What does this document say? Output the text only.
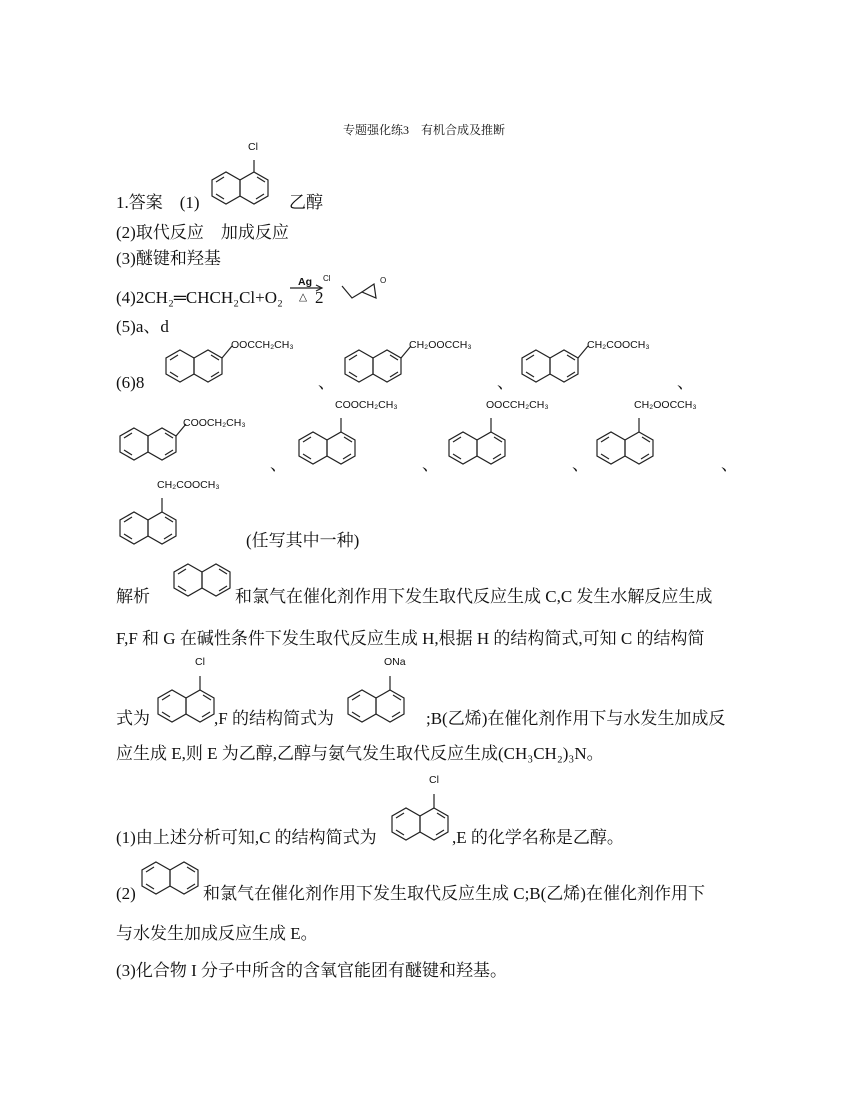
专题强化练3　有机合成及推断
1.答案　(1)
Cl
乙醇
(2)取代反应　加成反应
(3)醚键和羟基
(4)2CH₂═CHCH₂Cl+O₂
Ag
△ 2
Cl	O
(5)a、d
(6)8
OOCCH₂CH₃
、
CH₂OOCCH₃
、
CH₂COOCH₃
、
COOCH₂CH₃
、
COOCH₂CH₃
、
OOCCH₂CH₃
、
CH₂OOCCH₃
、
CH₂COOCH₃
(任写其中一种)
解析	和氯气在催化剂作用下发生取代反应生成 C,C 发生水解反应生成
F,F 和 G 在碱性条件下发生取代反应生成 H,根据 H 的结构简式,可知 C 的结构简
式为
Cl
,F 的结构简式为
ONa
;B(乙烯)在催化剂作用下与水发生加成反
应生成 E,则 E 为乙醇,乙醇与氨气发生取代反应生成(CH₃CH₂)₃N。
(1)由上述分析可知,C 的结构简式为
Cl
,E 的化学名称是乙醇。
(2)	和氯气在催化剂作用下发生取代反应生成 C;B(乙烯)在催化剂作用下
与水发生加成反应生成 E。
(3)化合物 I 分子中所含的含氧官能团有醚键和羟基。
